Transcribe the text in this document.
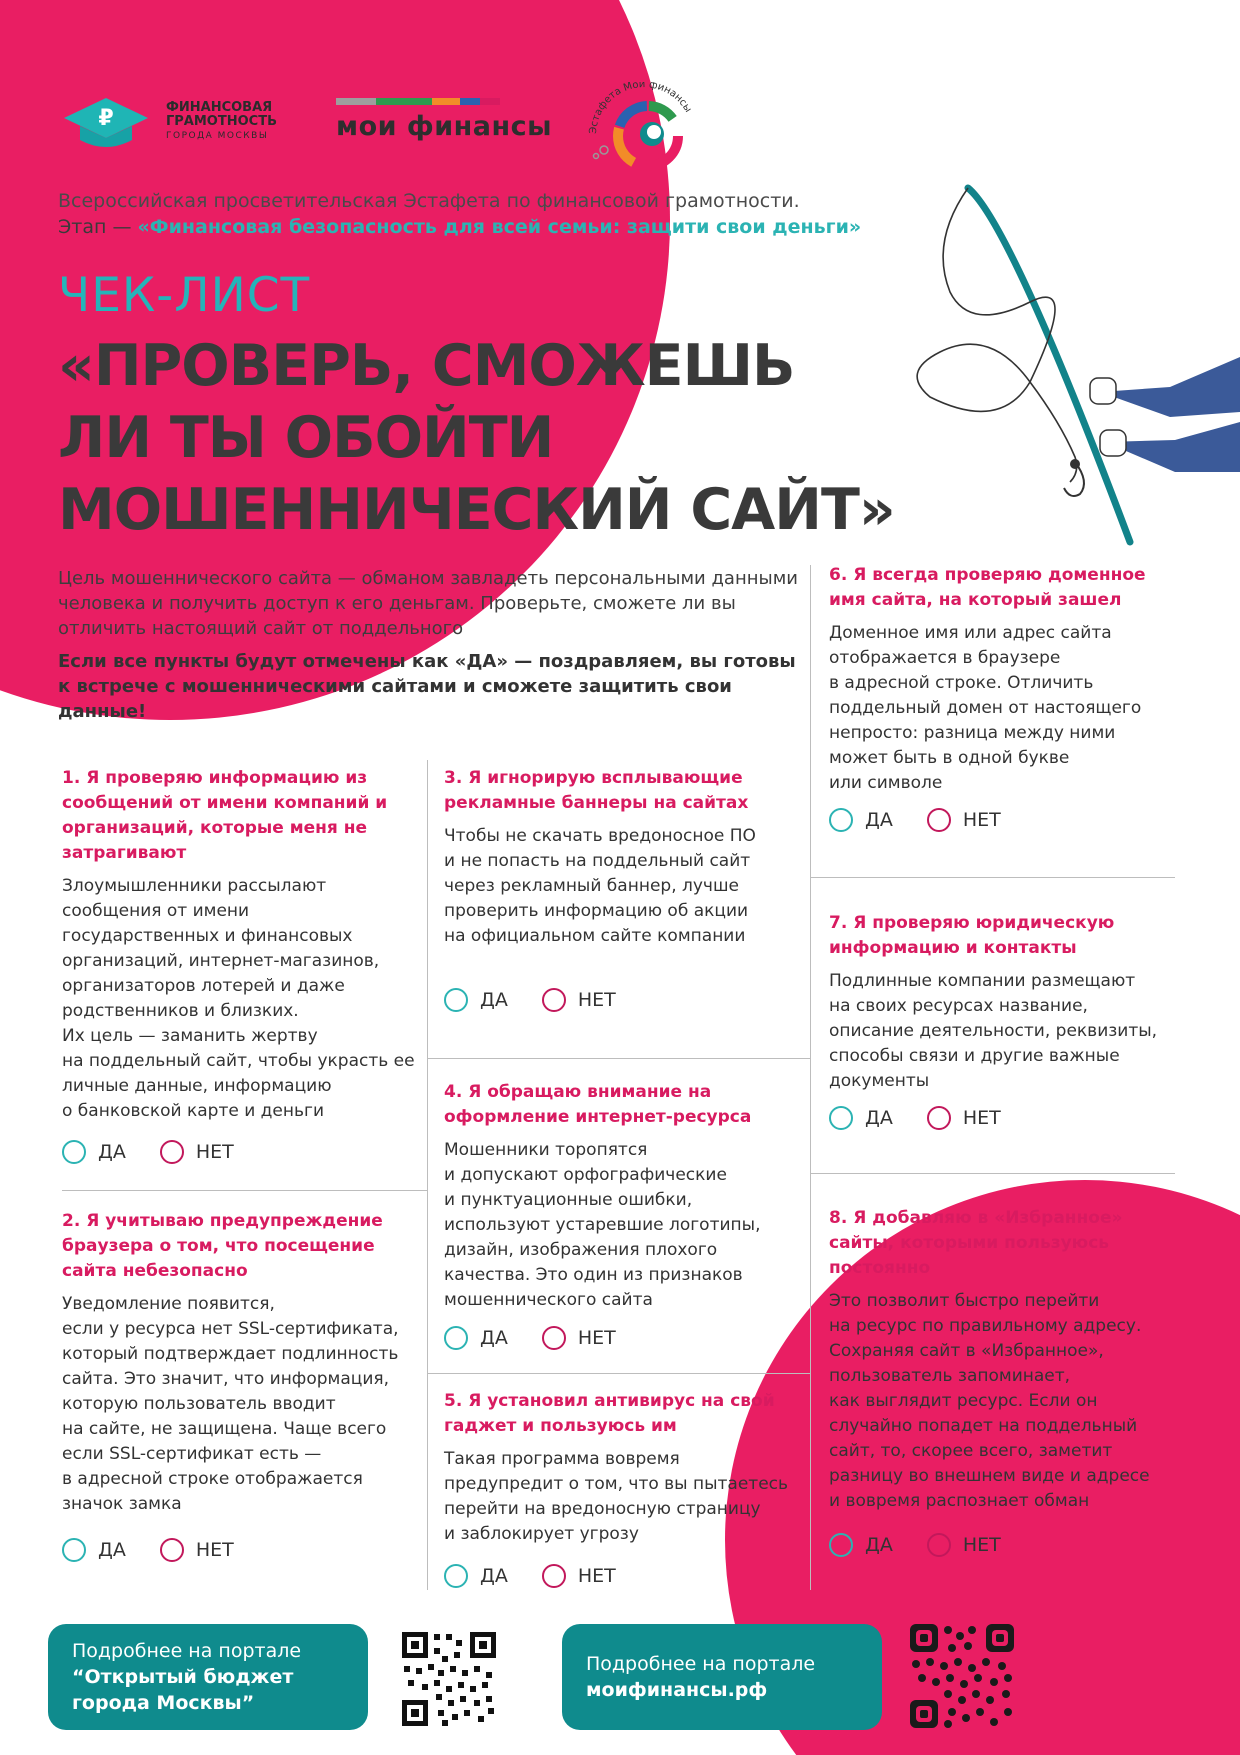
₽	ФИНАНСОВАЯ
ГРАМОТНОСТЬ
ГОРОДА МОСКВЫ	мои финансы	Эстафета Мои финансы
Всероссийская просветительская Эстафета по финансовой грамотности.
Этап — «Финансовая безопасность для всей семьи: защити свои деньги»
ЧЕК-ЛИСТ
«ПРОВЕРЬ, СМОЖЕШЬ
ЛИ ТЫ ОБОЙТИ
МОШЕННИЧЕСКИЙ САЙТ»

Цель мошеннического сайта — обманом завладеть персональными данными человека и получить доступ к его деньгам. Проверьте, сможете ли вы отличить настоящий сайт от поддельного

Если все пункты будут отмечены как «ДА» — поздравляем, вы готовы к встрече с мошенническими сайтами и сможете защитить свои данные!

1. Я проверяю информацию из сообщений от имени компаний и организаций, которые меня не затрагивают
Злоумышленники рассылают
сообщения от имени
государственных и финансовых
организаций, интернет-магазинов,
организаторов лотерей и даже
родственников и близких.
Их цель — заманить жертву
на поддельный сайт, чтобы украсть ее
личные данные, информацию
о банковской карте и деньги
ДА	НЕТ
2. Я учитываю предупреждение браузера о том, что посещение сайта небезопасно
Уведомление появится,
если у ресурса нет SSL-сертификата,
который подтверждает подлинность
сайта. Это значит, что информация,
которую пользователь вводит
на сайте, не защищена. Чаще всего
если SSL-сертификат есть —
в адресной строке отображается
значок замка
ДА	НЕТ
3. Я игнорирую всплывающие рекламные баннеры на сайтах
Чтобы не скачать вредоносное ПО
и не попасть на поддельный сайт
через рекламный баннер, лучше
проверить информацию об акции
на официальном сайте компании
ДА	НЕТ
4. Я обращаю внимание на оформление интернет-ресурса
Мошенники торопятся
и допускают орфографические
и пунктуационные ошибки,
используют устаревшие логотипы,
дизайн, изображения плохого
качества. Это один из признаков
мошеннического сайта
ДА	НЕТ
5. Я установил антивирус на свой гаджет и пользуюсь им
Такая программа вовремя
предупредит о том, что вы пытаетесь
перейти на вредоносную страницу
и заблокирует угрозу
ДА	НЕТ
6. Я всегда проверяю доменное имя сайта, на который зашел
Доменное имя или адрес сайта
отображается в браузере
в адресной строке. Отличить
поддельный домен от настоящего
непросто: разница между ними
может быть в одной букве
или символе
ДА	НЕТ
7. Я проверяю юридическую информацию и контакты
Подлинные компании размещают
на своих ресурсах название,
описание деятельности, реквизиты,
способы связи и другие важные
документы
ДА	НЕТ
8. Я добавляю в «Избранное» сайты, которыми пользуюсь постоянно
Это позволит быстро перейти
на ресурс по правильному адресу.
Сохраняя сайт в «Избранное»,
пользователь запоминает,
как выглядит ресурс. Если он
случайно попадет на поддельный
сайт, то, скорее всего, заметит
разницу во внешнем виде и адресе
и вовремя распознает обман
ДА	НЕТ
Подробнее на портале
“Открытый бюджет
города Москвы”
Подробнее на портале
моифинансы.рф
